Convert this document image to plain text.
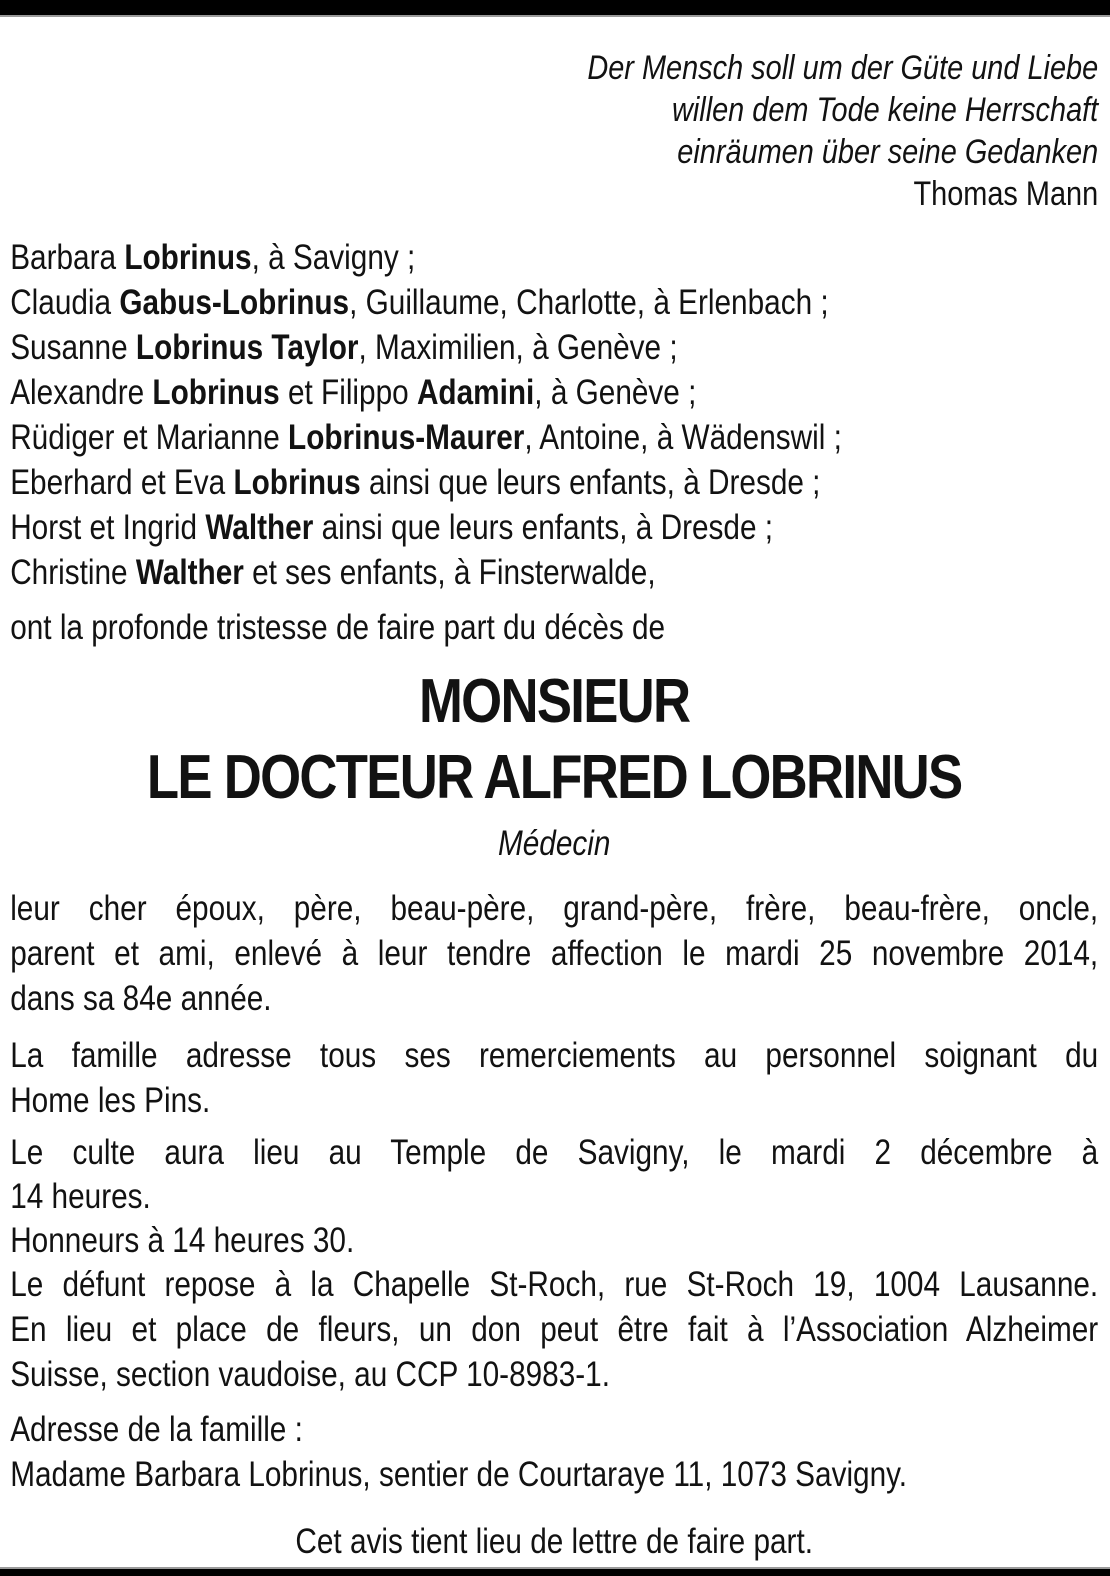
Der Mensch soll um der Güte und Liebe
willen dem Tode keine Herrschaft
einräumen über seine Gedanken
Thomas Mann
Barbara Lobrinus, à Savigny ;
Claudia Gabus-Lobrinus, Guillaume, Charlotte, à Erlenbach ;
Susanne Lobrinus Taylor, Maximilien, à Genève ;
Alexandre Lobrinus et Filippo Adamini, à Genève ;
Rüdiger et Marianne Lobrinus-Maurer, Antoine, à Wädenswil ;
Eberhard et Eva Lobrinus ainsi que leurs enfants, à Dresde ;
Horst et Ingrid Walther ainsi que leurs enfants, à Dresde ;
Christine Walther et ses enfants, à Finsterwalde,
ont la profonde tristesse de faire part du décès de
MONSIEUR
LE DOCTEUR ALFRED LOBRINUS
Médecin
leur cher époux, père, beau-père, grand-père, frère, beau-frère, oncle,
parent et ami, enlevé à leur tendre affection le mardi 25 novembre 2014,
dans sa 84e année.
La famille adresse tous ses remerciements au personnel soignant du
Home les Pins.
Le culte aura lieu au Temple de Savigny, le mardi 2 décembre à
14 heures.
Honneurs à 14 heures 30.
Le défunt repose à la Chapelle St-Roch, rue St-Roch 19, 1004 Lausanne.
En lieu et place de fleurs, un don peut être fait à l’Association Alzheimer
Suisse, section vaudoise, au CCP 10-8983-1.
Adresse de la famille :
Madame Barbara Lobrinus, sentier de Courtaraye 11, 1073 Savigny.
Cet avis tient lieu de lettre de faire part.
